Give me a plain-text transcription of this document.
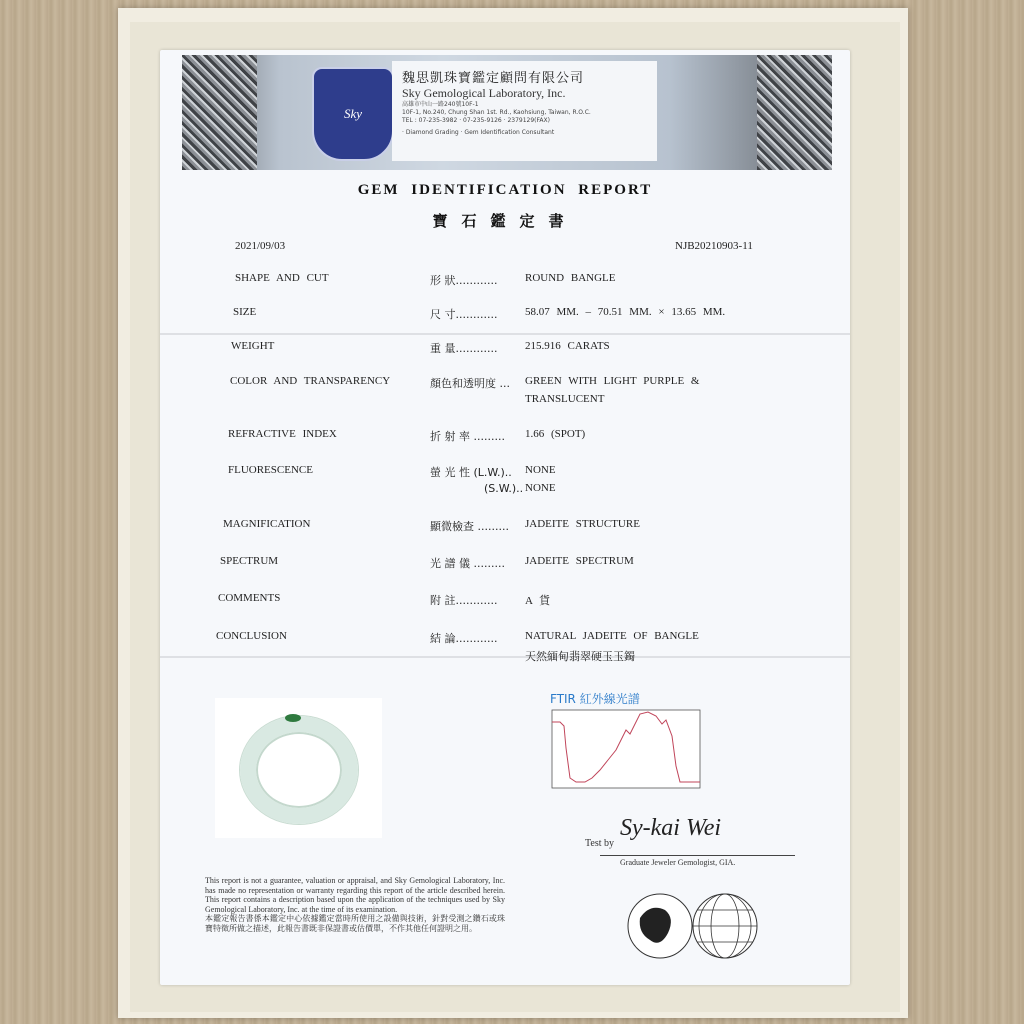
Sky
魏思凱珠寶鑑定顧問有限公司
Sky Gemological Laboratory, Inc.
高雄市中山一路240號10F-1
10F-1, No.240, Chung Shan 1st. Rd., Kaohsiung, Taiwan, R.O.C.
TEL : 07-235-3982 · 07-235-9126 · 2379129(FAX)
· Diamond Grading · Gem Identification Consultant
GEM IDENTIFICATION REPORT
寶石鑑定書
2021/09/03	NJB20210903-11
SHAPE AND CUT	形 狀............	ROUND BANGLE
SIZE	尺 寸............	58.07 MM. – 70.51 MM. × 13.65 MM.
WEIGHT	重 量............	215.916 CARATS
COLOR AND TRANSPARENCY	顏色和透明度 ... GREEN WITH LIGHT PURPLE &
TRANSLUCENT
REFRACTIVE INDEX	折 射 率 ......... 1.66 (SPOT)
FLUORESCENCE	螢 光 性 (L.W.).. NONE
(S.W.).. NONE
MAGNIFICATION	顯微檢查 ......... JADEITE STRUCTURE
SPECTRUM	光 譜 儀 ......... JADEITE SPECTRUM
COMMENTS	附 註............	A 貨
CONCLUSION	結 論............	NATURAL JADEITE OF BANGLE
天然緬甸翡翠硬玉玉鐲
FTIR 紅外線光譜
Test by
Sy-kai Wei
Graduate Jeweler Gemologist, GIA.
This report is not a guarantee, valuation or appraisal, and Sky Gemological Laboratory, Inc. has made no representation or warranty regarding this report of the article described herein. This report contains a description based upon the application of the techniques used by Sky Gemological Laboratory, Inc. at the time of its examination.
本鑑定報告書係本鑑定中心依據鑑定當時所使用之設備與技術，針對受測之鑽石或珠寶特徵所做之描述，此報告書既非保證書或估價單，不作其他任何證明之用。
